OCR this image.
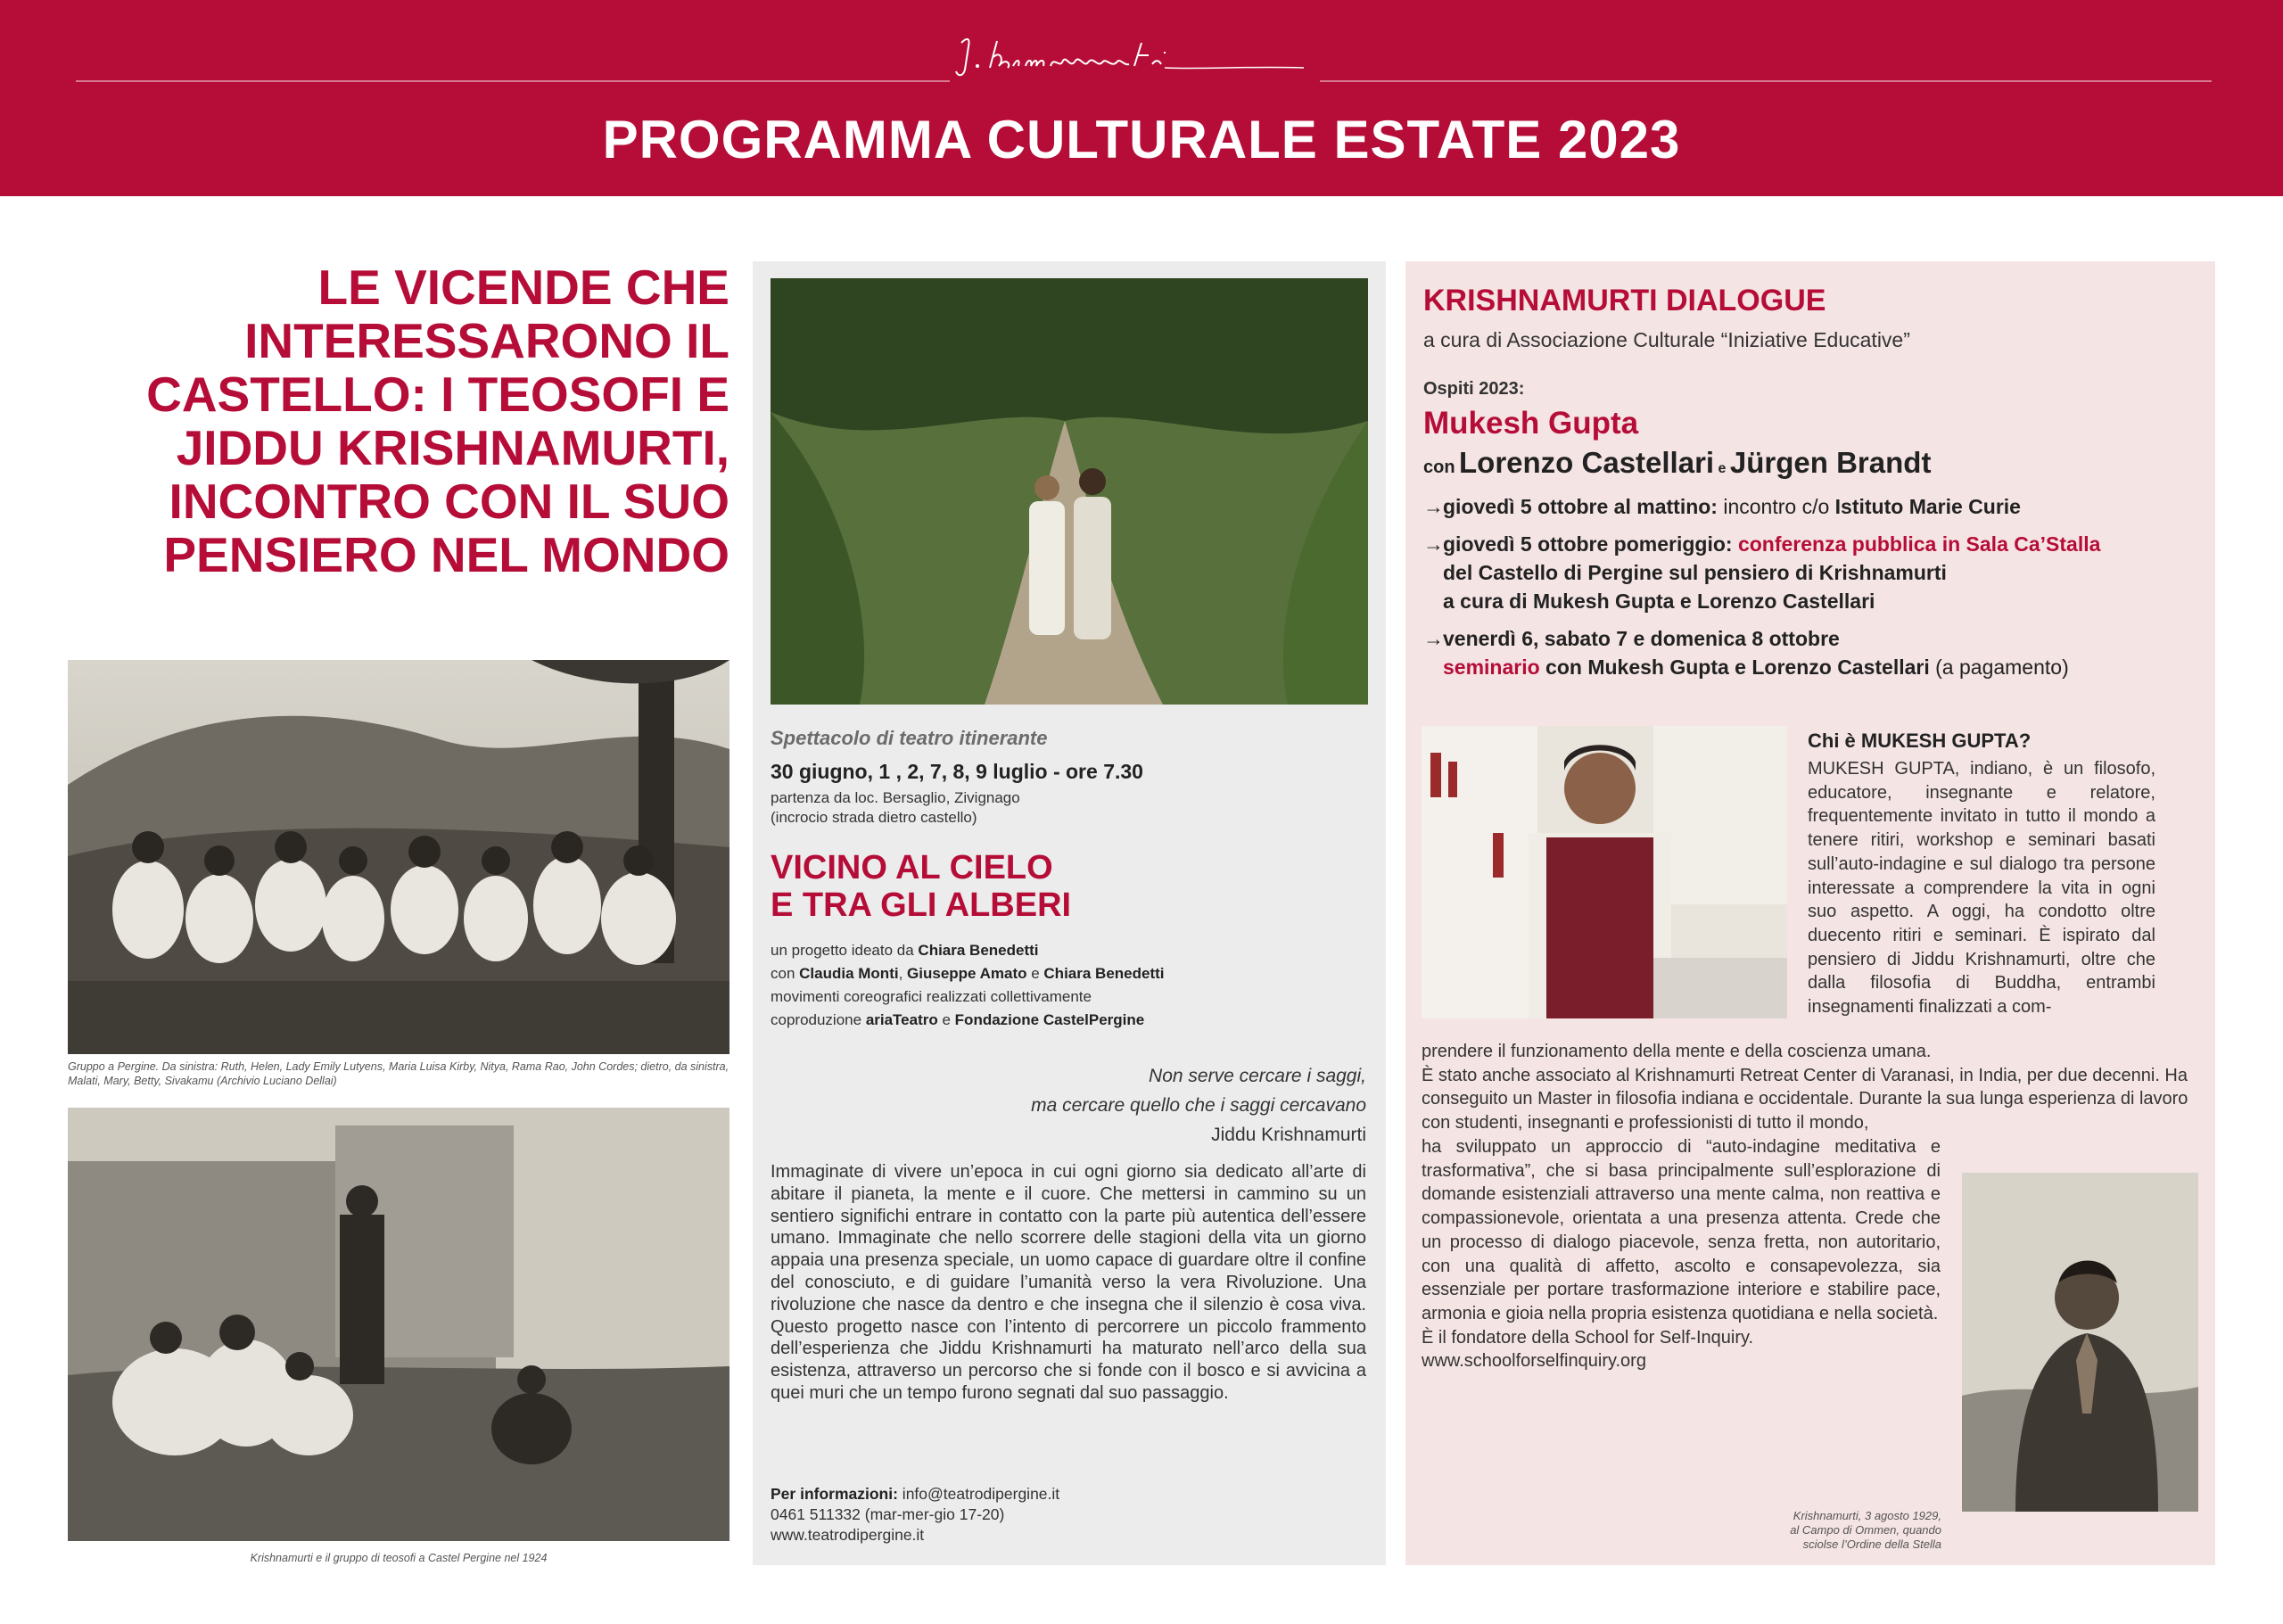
PROGRAMMA CULTURALE ESTATE 2023
LE VICENDE CHE INTERESSARONO IL CASTELLO: I TEOSOFI E JIDDU KRISHNAMURTI, INCONTRO CON IL SUO PENSIERO NEL MONDO
Gruppo a Pergine. Da sinistra: Ruth, Helen, Lady Emily Lutyens, Maria Luisa Kirby, Nitya, Rama Rao, John Cordes; dietro, da sinistra, Malati, Mary, Betty, Sivakamu (Archivio Luciano Dellai)
Krishnamurti e il gruppo di teosofi a Castel Pergine nel 1924
Spettacolo di teatro itinerante
30 giugno, 1 , 2, 7, 8, 9 luglio - ore 7.30
partenza da loc. Bersaglio, Zivignago
(incrocio strada dietro castello)
VICINO AL CIELO
E TRA GLI ALBERI
un progetto ideato da Chiara Benedetti
con Claudia Monti, Giuseppe Amato e Chiara Benedetti
movimenti coreografici realizzati collettivamente
coproduzione ariaTeatro e Fondazione CastelPergine
Non serve cercare i saggi,
ma cercare quello che i saggi cercavano
Jiddu Krishnamurti
Immaginate di vivere un’epoca in cui ogni giorno sia dedicato all’arte di abitare il pianeta, la mente e il cuore. Che mettersi in cammino su un sentiero significhi entrare in contatto con la parte più autentica dell’essere umano. Immaginate che nello scorrere delle stagioni della vita un giorno appaia una presenza speciale, un uomo capace di guardare oltre il confine del conosciuto, e di guidare l’umanità verso la vera Rivoluzione. Una rivoluzione che nasce da dentro e che insegna che il silenzio è cosa viva. Questo progetto nasce con l’intento di percorrere un piccolo frammento dell’esperienza che Jiddu Krishnamurti ha maturato nell’arco della sua esistenza, attraverso un percorso che si fonde con il bosco e si avvicina a quei muri che un tempo furono segnati dal suo passaggio.
Per informazioni: info@teatrodipergine.it
0461 511332 (mar-mer-gio 17-20)
www.teatrodipergine.it
KRISHNAMURTI DIALOGUE
a cura di Associazione Culturale “Iniziative Educative”
Ospiti 2023:
Mukesh Gupta
con Lorenzo Castellari e Jürgen Brandt
→ giovedì 5 ottobre al mattino: incontro c/o Istituto Marie Curie
→ giovedì 5 ottobre pomeriggio: conferenza pubblica in Sala Ca’Stalla
del Castello di Pergine sul pensiero di Krishnamurti
a cura di Mukesh Gupta e Lorenzo Castellari
→ venerdì 6, sabato 7 e domenica 8 ottobre
seminario con Mukesh Gupta e Lorenzo Castellari (a pagamento)
Chi è MUKESH GUPTA?
MUKESH GUPTA, indiano, è un filosofo, educatore, insegnante e relatore, frequentemente invitato in tutto il mondo a tenere ritiri, workshop e seminari basati sull’auto-indagine e sul dialogo tra persone interessate a comprendere la vita in ogni suo aspetto. A oggi, ha condotto oltre duecento ritiri e seminari. È ispirato dal pensiero di Jiddu Krishnamurti, oltre che dalla filosofia di Buddha, entrambi insegnamenti finalizzati a com-
prendere il funzionamento della mente e della coscienza umana.
È stato anche associato al Krishnamurti Retreat Center di Varanasi, in India, per due decenni. Ha conseguito un Master in filosofia indiana e occidentale. Durante la sua lunga esperienza di lavoro con studenti, insegnanti e professionisti di tutto il mondo,
ha sviluppato un approccio di “auto-indagine meditativa e trasformativa”, che si basa principalmente sull’esplorazione di domande esistenziali attraverso una mente calma, non reattiva e compassionevole, orientata a una presenza attenta. Crede che un processo di dialogo piacevole, senza fretta, non autoritario, con una qualità di affetto, ascolto e consapevolezza, sia essenziale per portare trasformazione interiore e stabilire pace, armonia e gioia nella propria esistenza quotidiana e nella società.
È il fondatore della School for Self-Inquiry.
www.schoolforselfinquiry.org
Krishnamurti, 3 agosto 1929,
al Campo di Ommen, quando
sciolse l’Ordine della Stella
